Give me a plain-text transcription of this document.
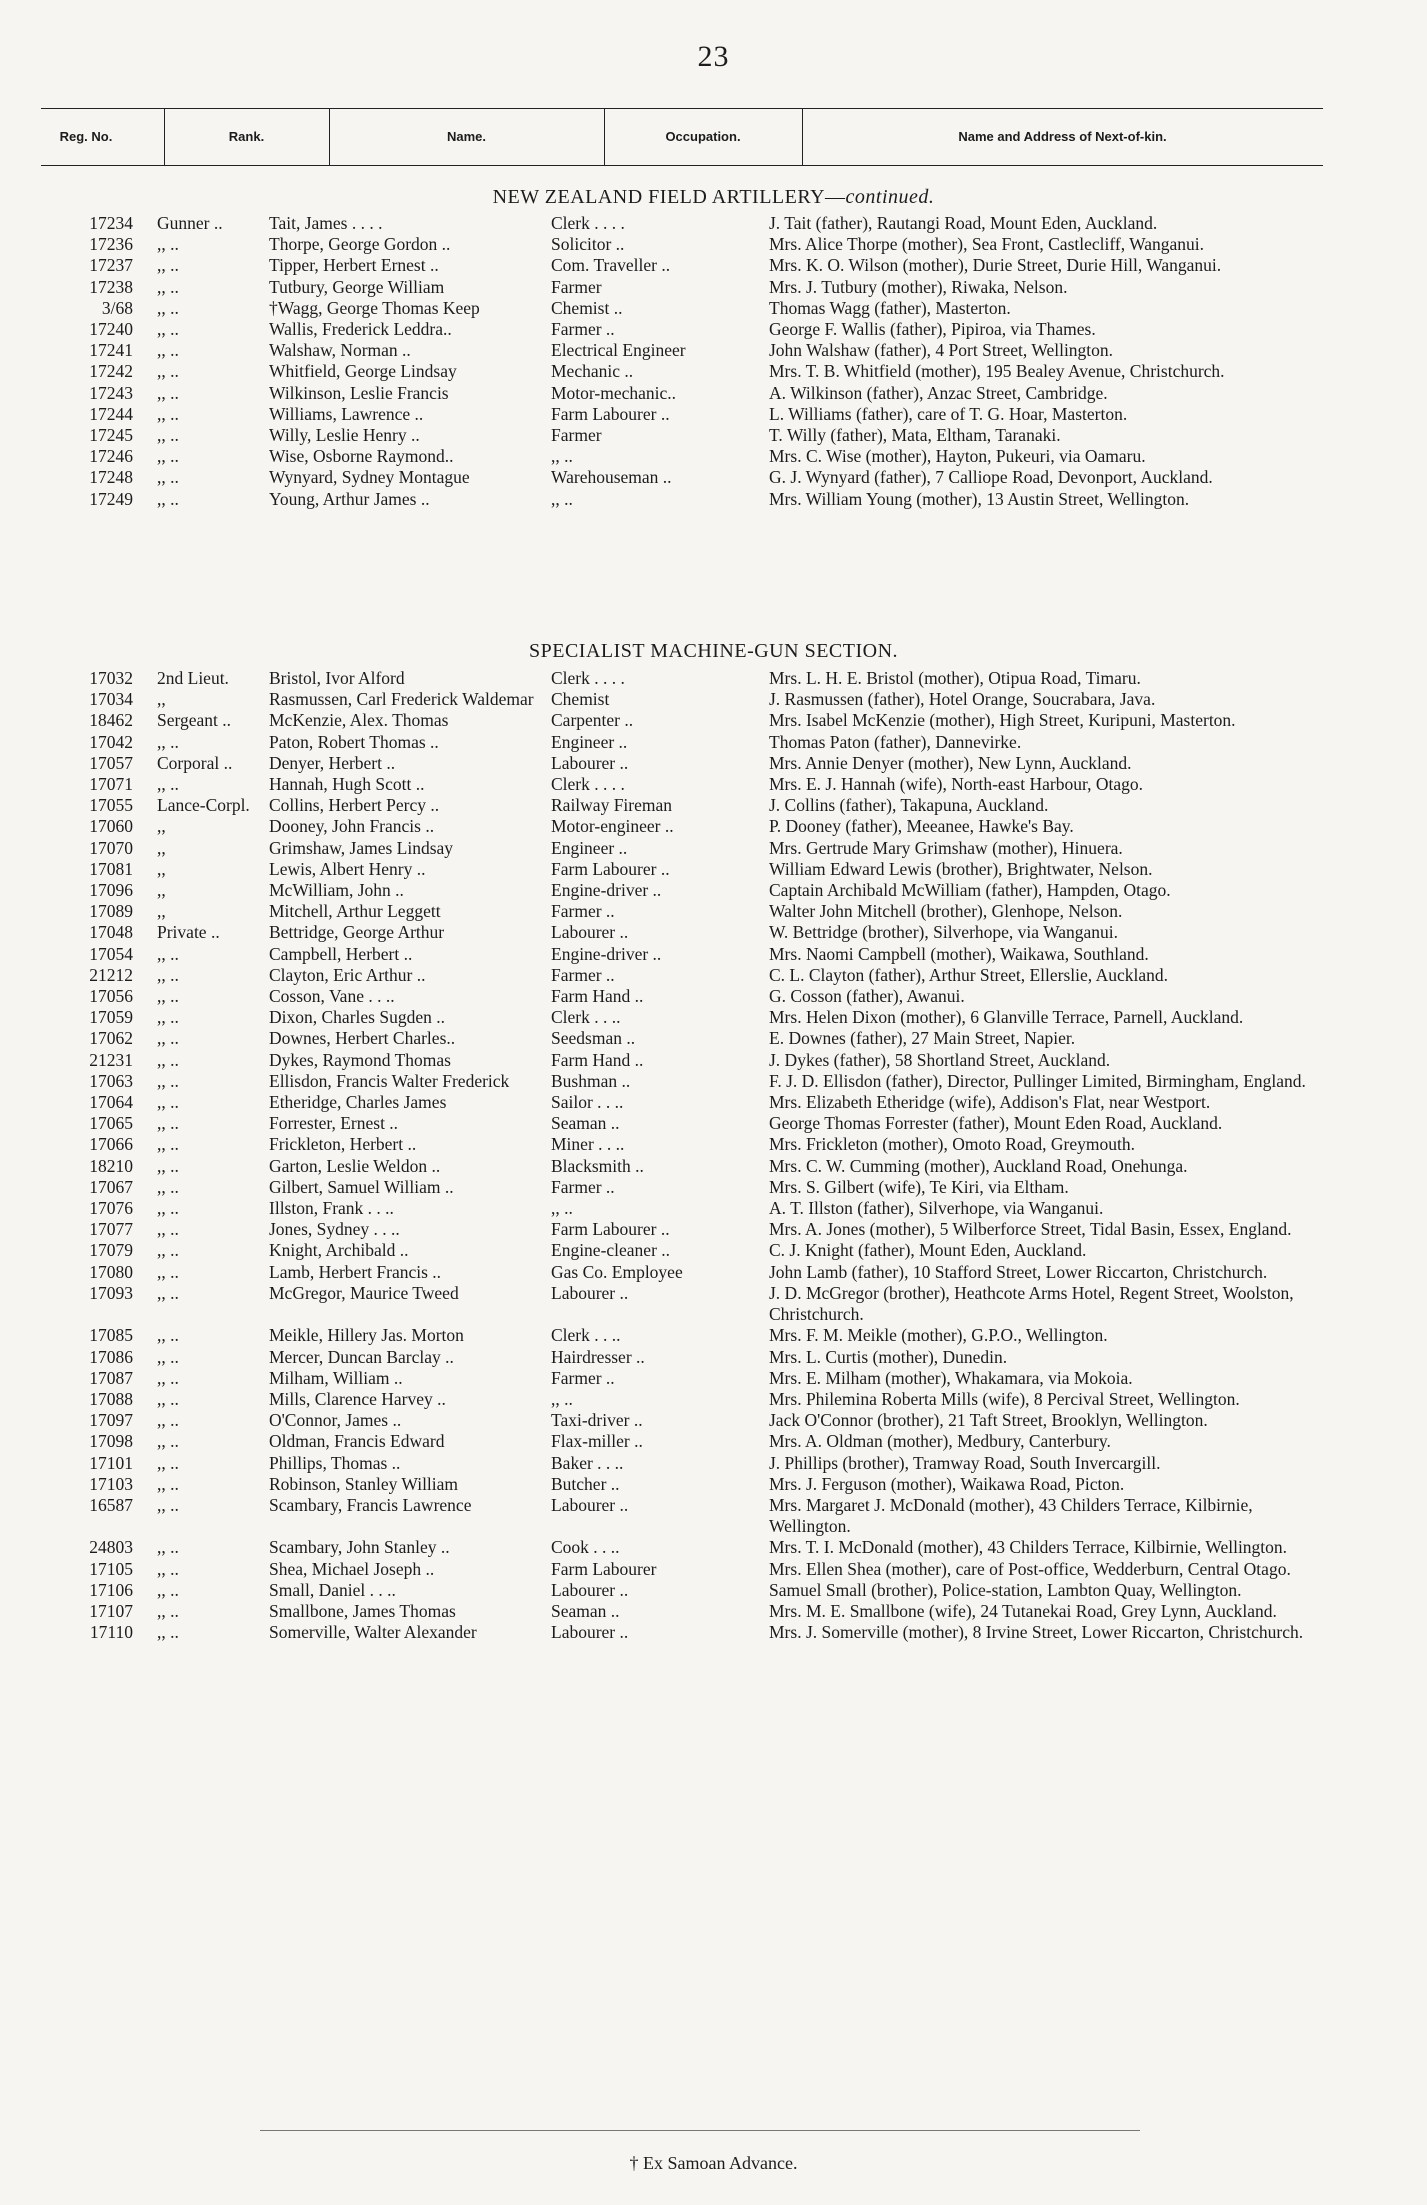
23
Reg. No.	Rank.	Name.	Occupation.	Name and Address of Next-of-kin.
NEW ZEALAND FIELD ARTILLERY—continued.
17234	Gunner ..	Tait, James . . . .	Clerk . . . .	J. Tait (father), Rautangi Road, Mount Eden, Auckland.
17236	,, ..	Thorpe, George Gordon ..	Solicitor ..	Mrs. Alice Thorpe (mother), Sea Front, Castlecliff, Wanganui.
17237	,, ..	Tipper, Herbert Ernest ..	Com. Traveller ..	Mrs. K. O. Wilson (mother), Durie Street, Durie Hill, Wanganui.
17238	,, ..	Tutbury, George William	Farmer	Mrs. J. Tutbury (mother), Riwaka, Nelson.
3/68	,, ..	†Wagg, George Thomas Keep	Chemist ..	Thomas Wagg (father), Masterton.
17240	,, ..	Wallis, Frederick Leddra..	Farmer ..	George F. Wallis (father), Pipiroa, via Thames.
17241	,, ..	Walshaw, Norman ..	Electrical Engineer	John Walshaw (father), 4 Port Street, Wellington.
17242	,, ..	Whitfield, George Lindsay	Mechanic ..	Mrs. T. B. Whitfield (mother), 195 Bealey Avenue, Christchurch.
17243	,, ..	Wilkinson, Leslie Francis	Motor-mechanic..	A. Wilkinson (father), Anzac Street, Cambridge.
17244	,, ..	Williams, Lawrence ..	Farm Labourer ..	L. Williams (father), care of T. G. Hoar, Masterton.
17245	,, ..	Willy, Leslie Henry ..	Farmer	T. Willy (father), Mata, Eltham, Taranaki.
17246	,, ..	Wise, Osborne Raymond..	,, ..	Mrs. C. Wise (mother), Hayton, Pukeuri, via Oamaru.
17248	,, ..	Wynyard, Sydney Montague	Warehouseman ..	G. J. Wynyard (father), 7 Calliope Road, Devonport, Auckland.
17249	,, ..	Young, Arthur James ..	,, ..	Mrs. William Young (mother), 13 Austin Street, Wellington.
SPECIALIST MACHINE-GUN SECTION.
17032	2nd Lieut.	Bristol, Ivor Alford	Clerk . . . .	Mrs. L. H. E. Bristol (mother), Otipua Road, Timaru.
17034	,,	Rasmussen, Carl Frederick Waldemar	Chemist	J. Rasmussen (father), Hotel Orange, Soucrabara, Java.
18462	Sergeant ..	McKenzie, Alex. Thomas	Carpenter ..	Mrs. Isabel McKenzie (mother), High Street, Kuripuni, Masterton.
17042	,, ..	Paton, Robert Thomas ..	Engineer ..	Thomas Paton (father), Dannevirke.
17057	Corporal ..	Denyer, Herbert ..	Labourer ..	Mrs. Annie Denyer (mother), New Lynn, Auckland.
17071	,, ..	Hannah, Hugh Scott ..	Clerk . . . .	Mrs. E. J. Hannah (wife), North-east Harbour, Otago.
17055	Lance-Corpl.	Collins, Herbert Percy ..	Railway Fireman	J. Collins (father), Takapuna, Auckland.
17060	,,	Dooney, John Francis ..	Motor-engineer ..	P. Dooney (father), Meeanee, Hawke's Bay.
17070	,,	Grimshaw, James Lindsay	Engineer ..	Mrs. Gertrude Mary Grimshaw (mother), Hinuera.
17081	,,	Lewis, Albert Henry ..	Farm Labourer ..	William Edward Lewis (brother), Brightwater, Nelson.
17096	,,	McWilliam, John ..	Engine-driver ..	Captain Archibald McWilliam (father), Hampden, Otago.
17089	,,	Mitchell, Arthur Leggett	Farmer ..	Walter John Mitchell (brother), Glenhope, Nelson.
17048	Private ..	Bettridge, George Arthur	Labourer ..	W. Bettridge (brother), Silverhope, via Wanganui.
17054	,, ..	Campbell, Herbert ..	Engine-driver ..	Mrs. Naomi Campbell (mother), Waikawa, Southland.
21212	,, ..	Clayton, Eric Arthur ..	Farmer ..	C. L. Clayton (father), Arthur Street, Ellerslie, Auckland.
17056	,, ..	Cosson, Vane . . ..	Farm Hand ..	G. Cosson (father), Awanui.
17059	,, ..	Dixon, Charles Sugden ..	Clerk . . ..	Mrs. Helen Dixon (mother), 6 Glanville Terrace, Parnell, Auckland.
17062	,, ..	Downes, Herbert Charles..	Seedsman ..	E. Downes (father), 27 Main Street, Napier.
21231	,, ..	Dykes, Raymond Thomas	Farm Hand ..	J. Dykes (father), 58 Shortland Street, Auckland.
17063	,, ..	Ellisdon, Francis Walter Frederick	Bushman ..	F. J. D. Ellisdon (father), Director, Pullinger Limited, Birmingham, England.
17064	,, ..	Etheridge, Charles James	Sailor . . ..	Mrs. Elizabeth Etheridge (wife), Addison's Flat, near Westport.
17065	,, ..	Forrester, Ernest ..	Seaman ..	George Thomas Forrester (father), Mount Eden Road, Auckland.
17066	,, ..	Frickleton, Herbert ..	Miner . . ..	Mrs. Frickleton (mother), Omoto Road, Greymouth.
18210	,, ..	Garton, Leslie Weldon ..	Blacksmith ..	Mrs. C. W. Cumming (mother), Auckland Road, Onehunga.
17067	,, ..	Gilbert, Samuel William ..	Farmer ..	Mrs. S. Gilbert (wife), Te Kiri, via Eltham.
17076	,, ..	Illston, Frank . . ..	,, ..	A. T. Illston (father), Silverhope, via Wanganui.
17077	,, ..	Jones, Sydney . . ..	Farm Labourer ..	Mrs. A. Jones (mother), 5 Wilberforce Street, Tidal Basin, Essex, England.
17079	,, ..	Knight, Archibald ..	Engine-cleaner ..	C. J. Knight (father), Mount Eden, Auckland.
17080	,, ..	Lamb, Herbert Francis ..	Gas Co. Employee	John Lamb (father), 10 Stafford Street, Lower Riccarton, Christchurch.
17093	,, ..	McGregor, Maurice Tweed	Labourer ..	J. D. McGregor (brother), Heathcote Arms Hotel, Regent Street, Woolston, Christchurch.
17085	,, ..	Meikle, Hillery Jas. Morton	Clerk . . ..	Mrs. F. M. Meikle (mother), G.P.O., Wellington.
17086	,, ..	Mercer, Duncan Barclay ..	Hairdresser ..	Mrs. L. Curtis (mother), Dunedin.
17087	,, ..	Milham, William ..	Farmer ..	Mrs. E. Milham (mother), Whakamara, via Mokoia.
17088	,, ..	Mills, Clarence Harvey ..	,, ..	Mrs. Philemina Roberta Mills (wife), 8 Percival Street, Wellington.
17097	,, ..	O'Connor, James ..	Taxi-driver ..	Jack O'Connor (brother), 21 Taft Street, Brooklyn, Wellington.
17098	,, ..	Oldman, Francis Edward	Flax-miller ..	Mrs. A. Oldman (mother), Medbury, Canterbury.
17101	,, ..	Phillips, Thomas ..	Baker . . ..	J. Phillips (brother), Tramway Road, South Invercargill.
17103	,, ..	Robinson, Stanley William	Butcher ..	Mrs. J. Ferguson (mother), Waikawa Road, Picton.
16587	,, ..	Scambary, Francis Lawrence	Labourer ..	Mrs. Margaret J. McDonald (mother), 43 Childers Terrace, Kilbirnie, Wellington.
24803	,, ..	Scambary, John Stanley ..	Cook . . ..	Mrs. T. I. McDonald (mother), 43 Childers Terrace, Kilbirnie, Wellington.
17105	,, ..	Shea, Michael Joseph ..	Farm Labourer	Mrs. Ellen Shea (mother), care of Post-office, Wedderburn, Central Otago.
17106	,, ..	Small, Daniel . . ..	Labourer ..	Samuel Small (brother), Police-station, Lambton Quay, Wellington.
17107	,, ..	Smallbone, James Thomas	Seaman ..	Mrs. M. E. Smallbone (wife), 24 Tutanekai Road, Grey Lynn, Auckland.
17110	,, ..	Somerville, Walter Alexander	Labourer ..	Mrs. J. Somerville (mother), 8 Irvine Street, Lower Riccarton, Christchurch.
† Ex Samoan Advance.
